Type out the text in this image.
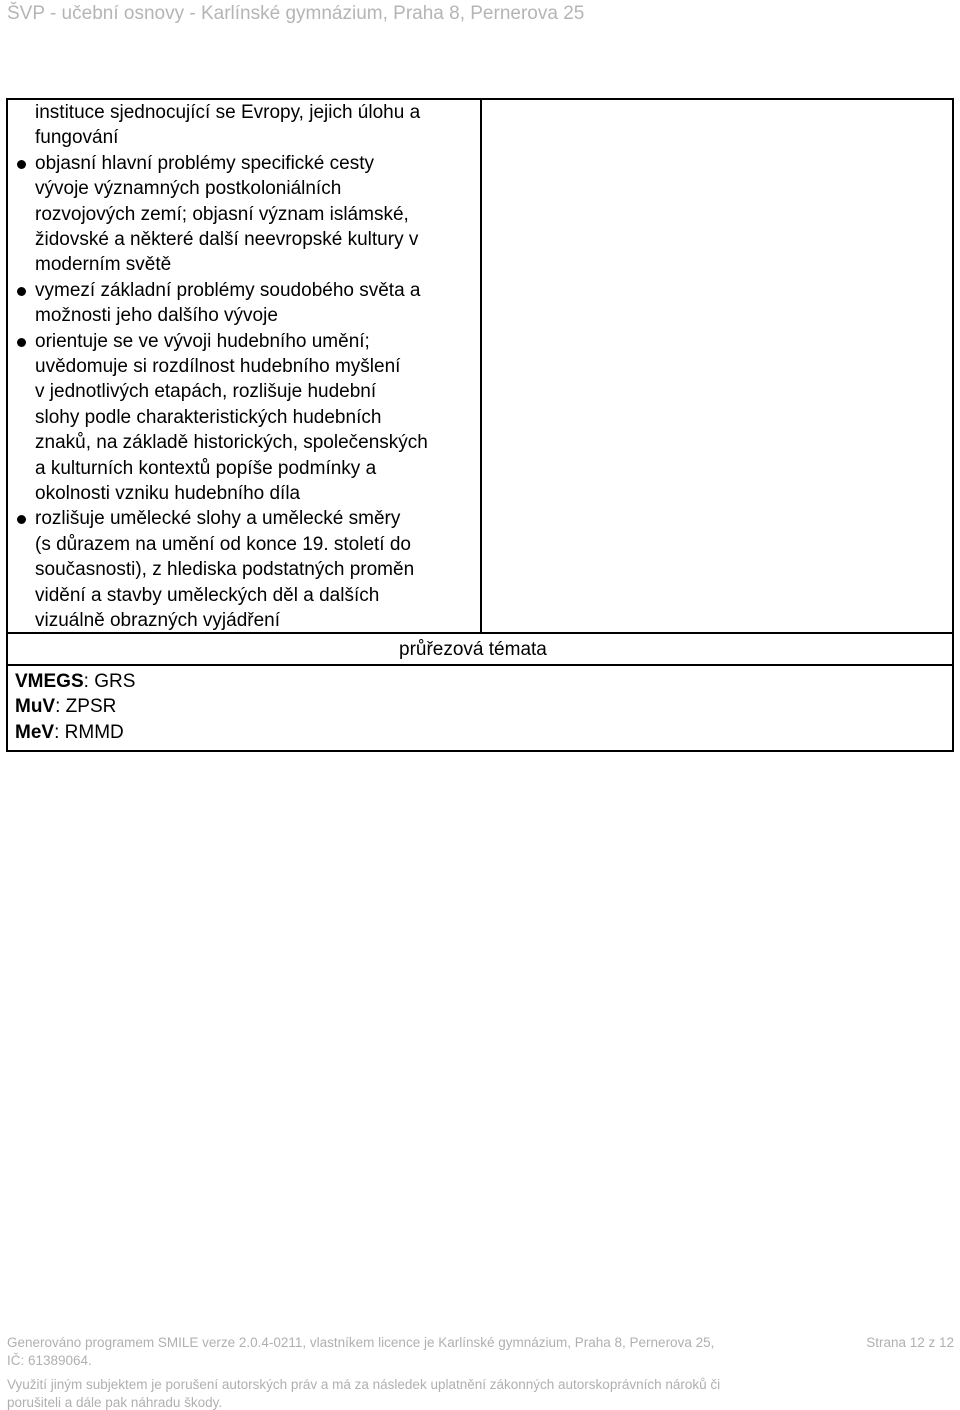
ŠVP - učební osnovy - Karlínské gymnázium, Praha 8, Pernerova 25
instituce sjednocující se Evropy, jejich úlohu a
fungování
objasní hlavní problémy specifické cesty
vývoje významných postkoloniálních
rozvojových zemí; objasní význam islámské,
židovské a některé další neevropské kultury v
moderním světě
vymezí základní problémy soudobého světa a
možnosti jeho dalšího vývoje
orientuje se ve vývoji hudebního umění;
uvědomuje si rozdílnost hudebního myšlení
v jednotlivých etapách, rozlišuje hudební
slohy podle charakteristických hudebních
znaků, na základě historických, společenských
a kulturních kontextů popíše podmínky a
okolnosti vzniku hudebního díla
rozlišuje umělecké slohy a umělecké směry
(s důrazem na umění od konce 19. století do
současnosti), z hlediska podstatných proměn
vidění a stavby uměleckých děl a dalších
vizuálně obrazných vyjádření
průřezová témata
VMEGS: GRS
MuV: ZPSR
MeV: RMMD
Generováno programem SMILE verze 2.0.4-0211, vlastníkem licence je Karlínské gymnázium, Praha 8, Pernerova 25,
IČ: 61389064.
Využití jiným subjektem je porušení autorských práv a má za následek uplatnění zákonných autorskoprávních nároků či
porušiteli a dále pak náhradu škody.
Strana 12 z 12
